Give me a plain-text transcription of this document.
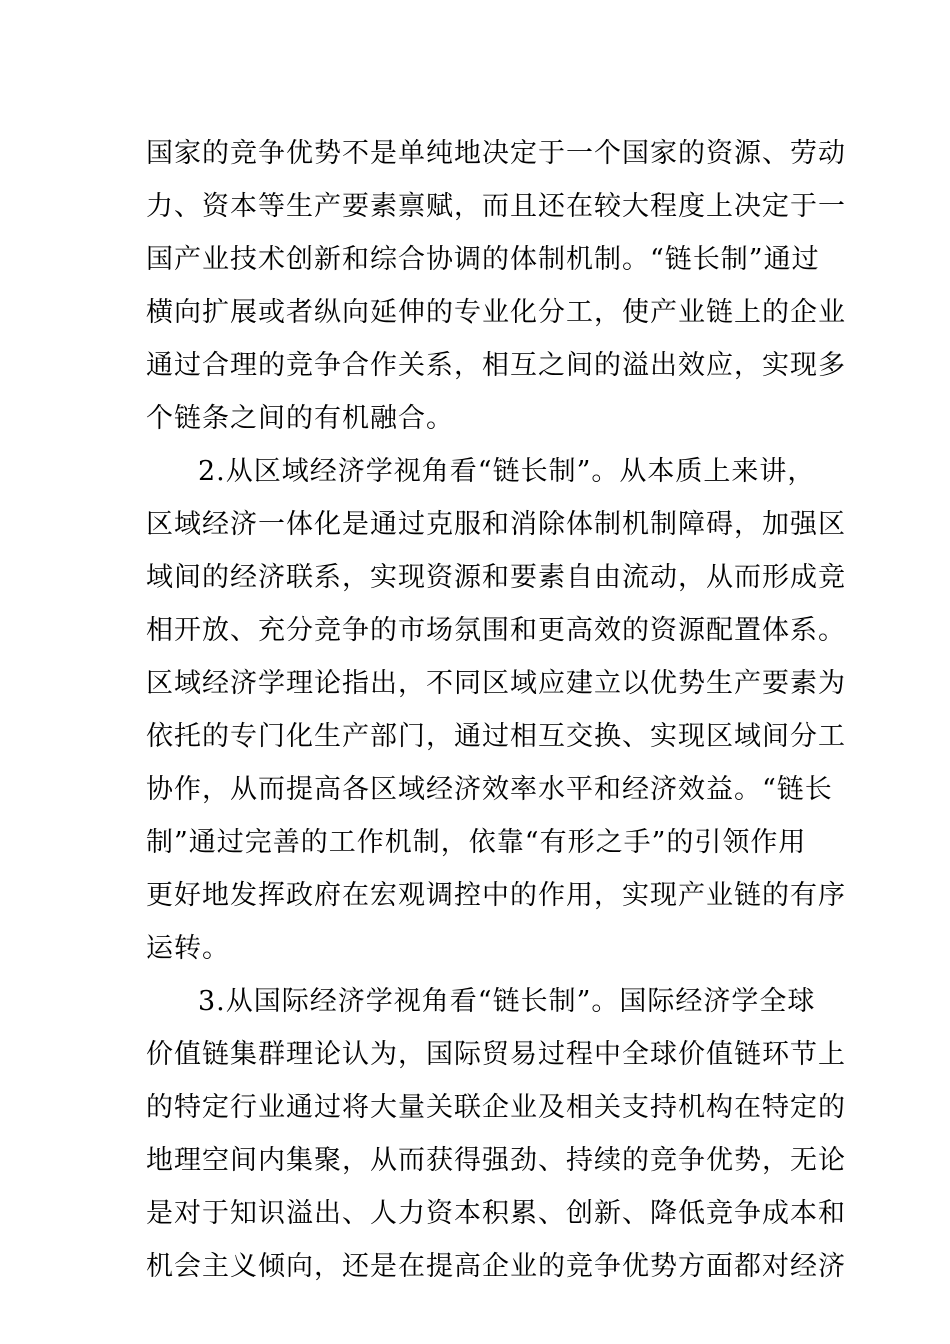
国家的竞争优势不是单纯地决定于一个国家的资源、劳动
力、资本等生产要素禀赋，而且还在较大程度上决定于一
国产业技术创新和综合协调的体制机制。“链长制”通过
横向扩展或者纵向延伸的专业化分工，使产业链上的企业
通过合理的竞争合作关系，相互之间的溢出效应，实现多
个链条之间的有机融合。
2.从区域经济学视角看“链长制”。从本质上来讲，
区域经济一体化是通过克服和消除体制机制障碍，加强区
域间的经济联系，实现资源和要素自由流动，从而形成竞
相开放、充分竞争的市场氛围和更高效的资源配置体系。
区域经济学理论指出，不同区域应建立以优势生产要素为
依托的专门化生产部门，通过相互交换、实现区域间分工
协作，从而提高各区域经济效率水平和经济效益。“链长
制”通过完善的工作机制，依靠“有形之手”的引领作用
更好地发挥政府在宏观调控中的作用，实现产业链的有序
运转。
3.从国际经济学视角看“链长制”。国际经济学全球
价值链集群理论认为，国际贸易过程中全球价值链环节上
的特定行业通过将大量关联企业及相关支持机构在特定的
地理空间内集聚，从而获得强劲、持续的竞争优势，无论
是对于知识溢出、人力资本积累、创新、降低竞争成本和
机会主义倾向，还是在提高企业的竞争优势方面都对经济
